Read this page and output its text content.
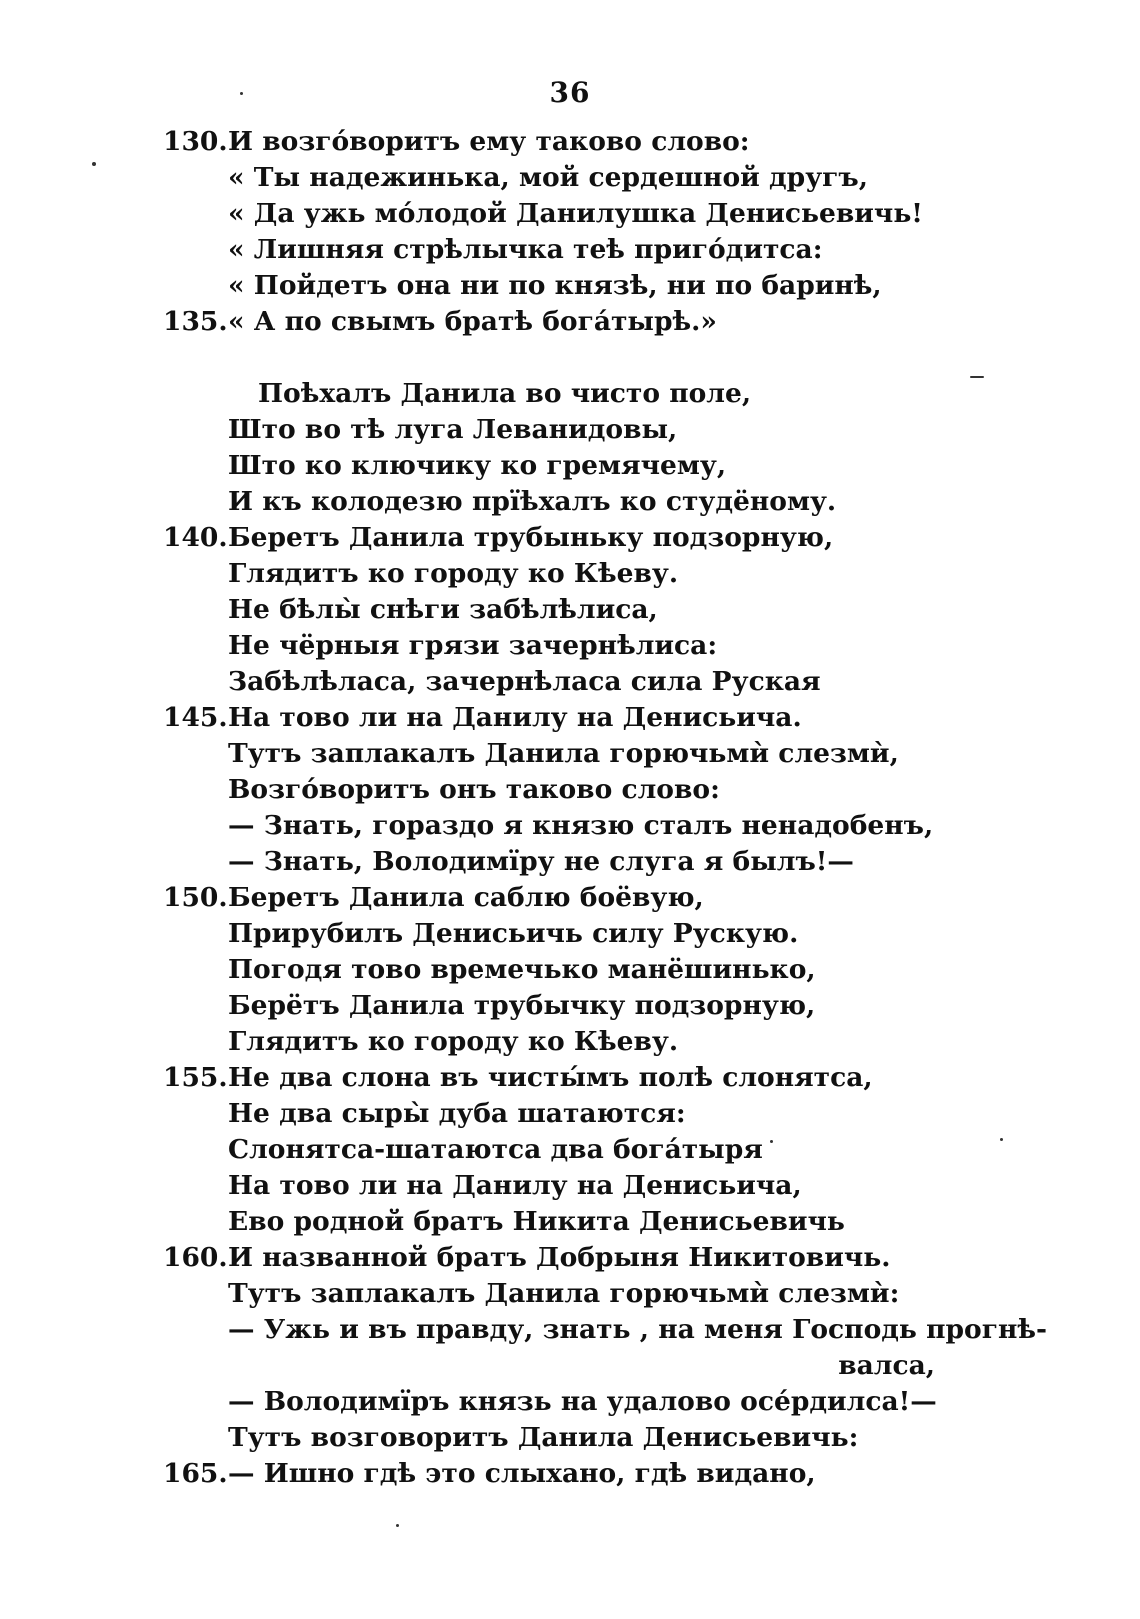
36
130. И возго́воритъ ему таково слово:
« Ты надежинька, мой сердешной другъ,
« Да ужь мо́лодой Данилушка Денисьевичь!
« Лишняя стрѣлычка теѣ приго́дитса:
« Пойдетъ она ни по князѣ, ни по баринѣ,
135. « А по свымъ братѣ бога́тырѣ.»
Поѣхалъ Данила во чисто поле,
Што во тѣ луга Леванидовы,
Што ко ключику ко гремячему,
И къ колодезю прїѣхалъ ко студёному.
140. Беретъ Данила трубыньку подзорную,
Глядитъ ко городу ко Кѣеву.
Не бѣлы̀ снѣги забѣлѣлиса,
Не чёрныя грязи зачернѣлиса:
Забѣлѣласа, зачернѣласа сила Руская
145. На тово ли на Данилу на Денисьича.
Тутъ заплакалъ Данила горючьмѝ слезмѝ,
Возго́воритъ онъ таково слово:
— Знать, гораздо я князю сталъ ненадобенъ,
— Знать, Володимїру не слуга я былъ!—
150. Беретъ Данила саблю боёвую,
Прирубилъ Денисьичь силу Рускую.
Погодя тово времечько манёшинько,
Берётъ Данила трубычку подзорную,
Глядитъ ко городу ко Кѣеву.
155. Не два слона въ чисты́мъ полѣ слонятса,
Не два сыры̀ дуба шатаются:
Слонятса-шатаютса два бога́тыря
На тово ли на Данилу на Денисьича,
Ево родной братъ Никита Денисьевичь
160. И названной братъ Добрыня Никитовичь.
Тутъ заплакалъ Данила горючьмѝ слезмѝ:
— Ужь и въ правду, знать , на меня Господь прогнѣ-
валса,
— Володимїръ князь на удалово осе́рдилса!—
Тутъ возговоритъ Данила Денисьевичь:
165. — Ишно гдѣ это слыхано, гдѣ видано,
